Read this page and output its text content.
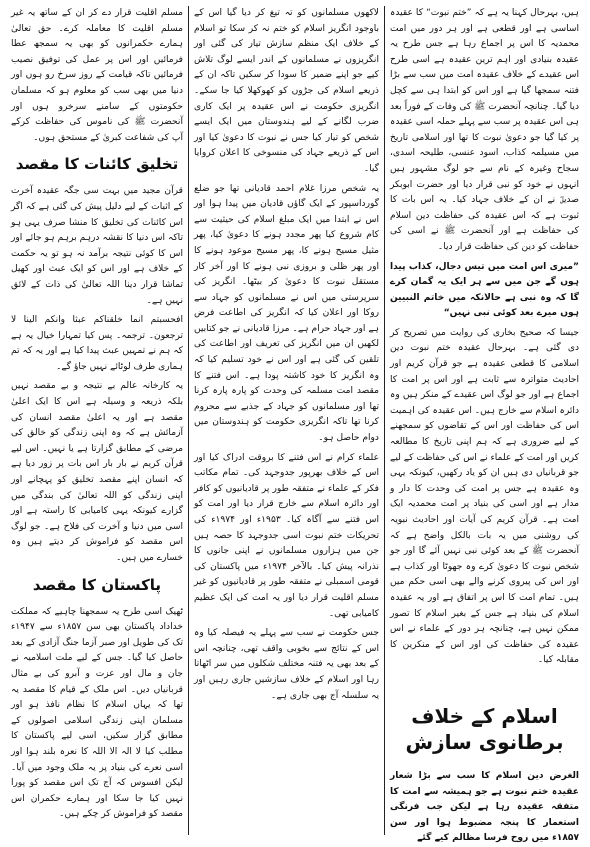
ہیں، بہرحال کہنا یہ ہے کہ ”ختم نبوت“ کا عقیدہ اساسی ہے اور قطعی ہے اور ہر دور میں امت محمدیہ کا اس پر اجماع رہا ہے جس طرح یہ عقیدہ بنیادی اور اہم ترین عقیدہ ہے اسی طرح اس عقیدے کے خلاف عقیدہ امت میں سب سے بڑا فتنہ سمجھا گیا ہے اور اس کو ابتدا ہی سے کچل دیا گیا۔ چنانچہ آنحضرت ﷺ کی وفات کے فوراً بعد ہی اس عقیدہ پر سب سے پہلے حملہ اسی عقیدہ پر کیا گیا جو دعویٰ نبوت کا تھا اور اسلامی تاریخ میں مسیلمہ کذاب، اسود عنسی، طلیحہ اسدی، سجاح وغیرہ کے نام سے جو لوگ مشہور ہیں انہوں نے خود کو نبی قرار دیا اور حضرت ابوبکر صدیقؓ نے ان کے خلاف جہاد کیا۔ یہ اس بات کا ثبوت ہے کہ اس عقیدہ کی حفاظت دین اسلام کی حفاظت ہے اور آنحضرت ﷺ نے اسی کی حفاظت کو دین کی حفاظت قرار دیا۔

”میری اس امت میں تیس دجال، کذاب پیدا ہوں گے جن میں سے ہر ایک یہ گمان کرے گا کہ وہ نبی ہے حالانکہ میں خاتم النبیین ہوں میرے بعد کوئی نبی نہیں“

جیسا کہ صحیح بخاری کی روایت میں تصریح کر دی گئی ہے۔ بہرحال عقیدہ ختم نبوت دین اسلامی کا قطعی عقیدہ ہے جو قرآن کریم اور احادیث متواترہ سے ثابت ہے اور اس پر امت کا اجماع ہے اور جو لوگ اس عقیدے کے منکر ہیں وہ دائرہ اسلام سے خارج ہیں۔ اس عقیدہ کی اہمیت اس کی حفاظت اور اس کے تقاضوں کو سمجھنے کے لیے ضروری ہے کہ ہم اپنی تاریخ کا مطالعہ کریں اور امت کے علماء نے اس کی حفاظت کے لیے جو قربانیاں دی ہیں ان کو یاد رکھیں، کیونکہ یہی وہ عقیدہ ہے جس پر امت کی وحدت کا دار و مدار ہے اور اسی کی بنیاد پر امت محمدیہ ایک امت ہے۔ قرآن کریم کی آیات اور احادیث نبویہ کی روشنی میں یہ بات بالکل واضح ہے کہ آنحضرت ﷺ کے بعد کوئی نبی نہیں آئے گا اور جو شخص نبوت کا دعویٰ کرے وہ جھوٹا اور کذاب ہے اور اس کی پیروی کرنے والے بھی اسی حکم میں ہیں۔ تمام امت کا اس پر اتفاق ہے اور یہ عقیدہ اسلام کی بنیاد ہے جس کے بغیر اسلام کا تصور ممکن نہیں ہے، چنانچہ ہر دور کے علماء نے اس عقیدہ کی حفاظت کی اور اس کے منکرین کا مقابلہ کیا۔

اسلام کے خلاف برطانوی سازش

الغرض دین اسلام کا سب سے بڑا شعار عقیدہ ختم نبوت ہے جو ہمیشہ سے امت کا متفقہ عقیدہ رہا ہے لیکن جب فرنگی استعمار کا پنجہ مضبوط ہوا اور سن ۱۸۵۷ء میں روح فرسا مظالم کیے گئے

لاکھوں مسلمانوں کو تہ تیغ کر دیا گیا اس کے باوجود انگریز اسلام کو ختم نہ کر سکا تو اسلام کے خلاف ایک منظم سازش تیار کی گئی اور انگریزوں نے مسلمانوں کے اندر ایسے لوگ تلاش کیے جو اپنے ضمیر کا سودا کر سکیں تاکہ ان کے ذریعے اسلام کی جڑوں کو کھوکھلا کیا جا سکے۔ انگریزی حکومت نے اس عقیدہ پر ایک کاری ضرب لگانے کے لیے ہندوستان میں ایک ایسے شخص کو تیار کیا جس نے نبوت کا دعویٰ کیا اور اس کے ذریعے جہاد کی منسوخی کا اعلان کروایا گیا۔

یہ شخص مرزا غلام احمد قادیانی تھا جو ضلع گورداسپور کے ایک گاؤں قادیان میں پیدا ہوا اور اس نے ابتدا میں ایک مبلغ اسلام کی حیثیت سے کام شروع کیا پھر مجدد ہونے کا دعویٰ کیا، پھر مثیل مسیح ہونے کا، پھر مسیح موعود ہونے کا اور پھر ظلی و بروزی نبی ہونے کا اور آخر کار مستقل نبوت کا دعویٰ کر بیٹھا۔ انگریز کی سرپرستی میں اس نے مسلمانوں کو جہاد سے روکا اور اعلان کیا کہ انگریز کی اطاعت فرض ہے اور جہاد حرام ہے۔ مرزا قادیانی نے جو کتابیں لکھیں ان میں انگریز کی تعریف اور اطاعت کی تلقین کی گئی ہے اور اس نے خود تسلیم کیا کہ وہ انگریز کا خود کاشتہ پودا ہے۔ اس فتنے کا مقصد امت مسلمہ کی وحدت کو پارہ پارہ کرنا تھا اور مسلمانوں کو جہاد کے جذبے سے محروم کرنا تھا تاکہ انگریزی حکومت کو ہندوستان میں دوام حاصل ہو۔

علماء کرام نے اس فتنے کا بروقت ادراک کیا اور اس کے خلاف بھرپور جدوجہد کی۔ تمام مکاتب فکر کے علماء نے متفقہ طور پر قادیانیوں کو کافر اور دائرہ اسلام سے خارج قرار دیا اور امت کو اس فتنے سے آگاہ کیا۔ ۱۹۵۳ء اور ۱۹۷۴ء کی تحریکات ختم نبوت اسی جدوجہد کا حصہ ہیں جن میں ہزاروں مسلمانوں نے اپنی جانوں کا نذرانہ پیش کیا۔ بالآخر ۱۹۷۴ء میں پاکستان کی قومی اسمبلی نے متفقہ طور پر قادیانیوں کو غیر مسلم اقلیت قرار دیا اور یہ امت کی ایک عظیم کامیابی تھی۔

جس حکومت نے سب سے پہلے یہ فیصلہ کیا وہ اس کے نتائج سے بخوبی واقف تھی، چنانچہ اس کے بعد بھی یہ فتنہ مختلف شکلوں میں سر اٹھاتا رہا اور اسلام کے خلاف سازشیں جاری رہیں اور یہ سلسلہ آج بھی جاری ہے۔

مسلم اقلیت قرار دے کر ان کے ساتھ یہ غیر مسلم اقلیت کا معاملہ کرے۔ حق تعالیٰ ہمارے حکمرانوں کو بھی یہ سمجھ عطا فرمائیں اور اس پر عمل کی توفیق نصیب فرمائیں تاکہ قیامت کے روز سرخ رو ہوں اور دنیا میں بھی سب کو معلوم ہو کہ مسلمان حکومتوں کے سامنے سرخرو ہوں اور آنحضرت ﷺ کی ناموس کی حفاظت کرکے آپ کی شفاعت کبریٰ کے مستحق ہوں۔

تخلیق کائنات کا مقصد

قرآن مجید میں بہت سی جگہ عقیدہ آخرت کے اثبات کے لیے دلیل پیش کی گئی ہے کہ اگر اس کائنات کی تخلیق کا منشا صرف یہی ہو تاکہ اس دنیا کا نقشہ درہم برہم ہو جائے اور اس کا کوئی نتیجہ برآمد نہ ہو تو یہ حکمت کے خلاف ہے اور اس کو ایک عبث اور کھیل تماشا قرار دینا اللہ تعالیٰ کی ذات کے لائق نہیں ہے۔

افحسبتم انما خلقناکم عبثا وانکم الینا لا ترجعون۔ ترجمہ۔ پس کیا تمہارا خیال یہ ہے کہ ہم نے تمہیں عبث پیدا کیا ہے اور یہ کہ تم ہماری طرف لوٹائے نہیں جاؤ گے۔

یہ کارخانہ عالم بے نتیجہ و بے مقصد نہیں بلکہ ذریعہ و وسیلہ ہے اس کا ایک اعلیٰ مقصد ہے اور یہ اعلیٰ مقصد انسان کی آزمائش ہے کہ وہ اپنی زندگی کو خالق کی مرضی کے مطابق گزارتا ہے یا نہیں۔ اس لیے قرآن کریم نے بار بار اس بات پر زور دیا ہے کہ انسان اپنے مقصد تخلیق کو پہچانے اور اپنی زندگی کو اللہ تعالیٰ کی بندگی میں گزارے کیونکہ یہی کامیابی کا راستہ ہے اور اسی میں دنیا و آخرت کی فلاح ہے۔ جو لوگ اس مقصد کو فراموش کر دیتے ہیں وہ خسارے میں ہیں۔

پاکستان کا مقصد

ٹھیک اسی طرح یہ سمجھنا چاہیے کہ مملکت خداداد پاکستان بھی سن ۱۸۵۷ء سے ۱۹۴۷ء تک کی طویل اور صبر آزما جنگ آزادی کے بعد حاصل کیا گیا۔ جس کے لیے ملت اسلامیہ نے جان و مال اور عزت و آبرو کی بے مثال قربانیاں دیں۔ اس ملک کے قیام کا مقصد یہ تھا کہ یہاں اسلام کا نظام نافذ ہو اور مسلمان اپنی زندگی اسلامی اصولوں کے مطابق گزار سکیں، اسی لیے پاکستان کا مطلب کیا لا الہ الا اللہ کا نعرہ بلند ہوا اور اسی نعرے کی بنیاد پر یہ ملک وجود میں آیا۔ لیکن افسوس کہ آج تک اس مقصد کو پورا نہیں کیا جا سکا اور ہمارے حکمران اس مقصد کو فراموش کر چکے ہیں۔
